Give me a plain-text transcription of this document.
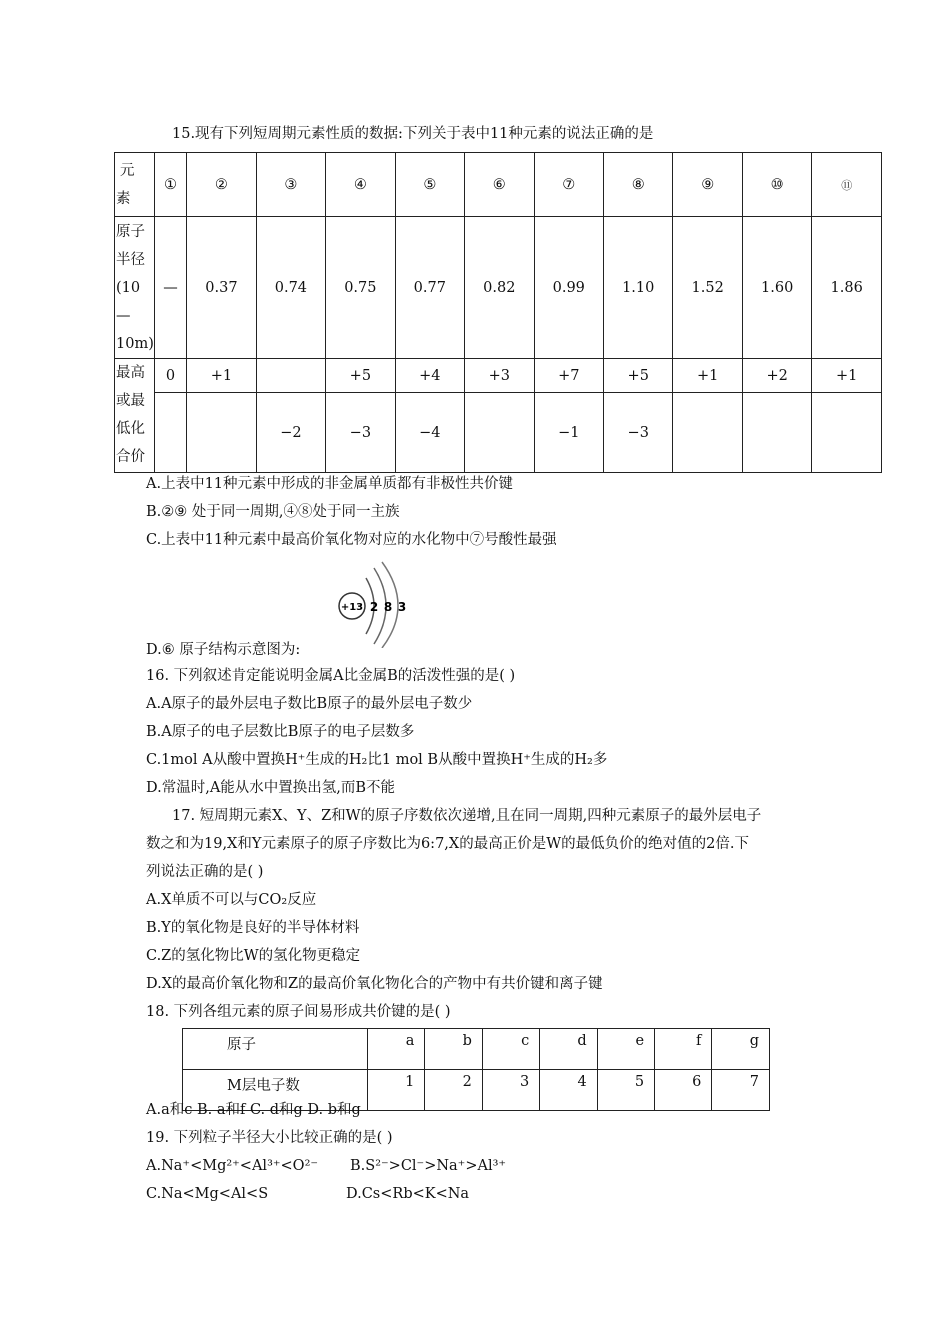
15.现有下列短周期元素性质的数据:下列关于表中11种元素的说法正确的是
元
素	①	②	③	④	⑤	⑥	⑦	⑧	⑨	⑩	⑪

原子
半径
(10
—
10m)	—	0.37	0.74	0.75	0.77	0.82	0.99	1.10	1.52	1.60	1.86

最高
或最
低化
合价	0	+1		+5	+4	+3	+7	+5	+1	+2	+1
			−2	−3	−4		−1	−3			
A.上表中11种元素中形成的非金属单质都有非极性共价键
B.②⑨ 处于同一周期,④⑧处于同一主族
C.上表中11种元素中最高价氧化物对应的水化物中⑦号酸性最强
+13 2 8 3
D.⑥ 原子结构示意图为:
16. 下列叙述肯定能说明金属A比金属B的活泼性强的是( )
A.A原子的最外层电子数比B原子的最外层电子数少
B.A原子的电子层数比B原子的电子层数多
C.1mol A从酸中置换H⁺生成的H₂比1 mol B从酸中置换H⁺生成的H₂多
D.常温时,A能从水中置换出氢,而B不能
17. 短周期元素X、Y、Z和W的原子序数依次递增,且在同一周期,四种元素原子的最外层电子
数之和为19,X和Y元素原子的原子序数比为6:7,X的最高正价是W的最低负价的绝对值的2倍.下
列说法正确的是( )
A.X单质不可以与CO₂反应
B.Y的氧化物是良好的半导体材料
C.Z的氢化物比W的氢化物更稳定
D.X的最高价氧化物和Z的最高价氧化物化合的产物中有共价键和离子键
18. 下列各组元素的原子间易形成共价键的是( )
原子	a	b	c	d	e	f	g
M层电子数	1	2	3	4	5	6	7
A.a和c B. a和f C. d和g D. b和g
19. 下列粒子半径大小比较正确的是( )
A.Na⁺<Mg²⁺<Al³⁺<O²⁻ B.S²⁻>Cl⁻>Na⁺>Al³⁺
C.Na<Mg<Al<S	D.Cs<Rb<K<Na
